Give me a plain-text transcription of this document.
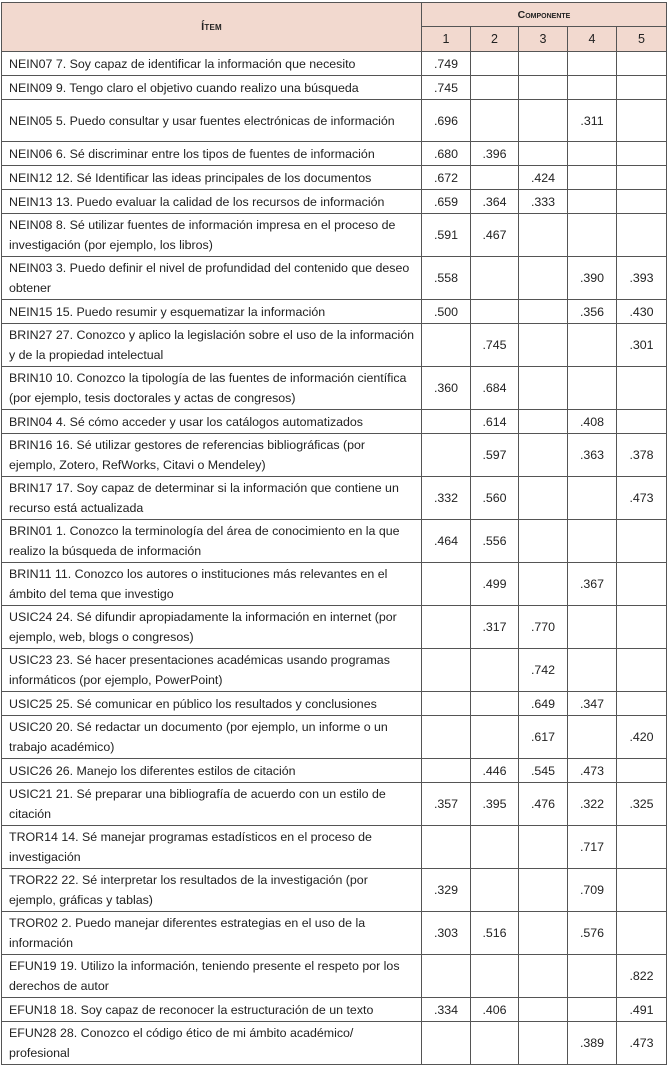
Ítem	Componente				
	1	2	3	4	5
NEIN07 7. Soy capaz de identificar la información que necesito	.749				
NEIN09 9. Tengo claro el objetivo cuando realizo una búsqueda	.745				
NEIN05 5. Puedo consultar y usar fuentes electrónicas de información	.696			.311	
NEIN06 6. Sé discriminar entre los tipos de fuentes de información	.680	.396			
NEIN12 12. Sé Identificar las ideas principales de los documentos	.672		.424		
NEIN13 13. Puedo evaluar la calidad de los recursos de información	.659	.364	.333		
NEIN08 8. Sé utilizar fuentes de información impresa en el proceso de investigación (por ejemplo, los libros)	.591	.467			
NEIN03 3. Puedo definir el nivel de profundidad del contenido que deseo obtener	.558			.390	.393
NEIN15 15. Puedo resumir y esquematizar la información	.500			.356	.430
BRIN27 27. Conozco y aplico la legislación sobre el uso de la información y de la propiedad intelectual		.745			.301
BRIN10 10. Conozco la tipología de las fuentes de información científica (por ejemplo, tesis doctorales y actas de congresos)	.360	.684			
BRIN04 4. Sé cómo acceder y usar los catálogos automatizados		.614		.408	
BRIN16 16. Sé utilizar gestores de referencias bibliográficas (por ejemplo, Zotero, RefWorks, Citavi o Mendeley)		.597		.363	.378
BRIN17 17. Soy capaz de determinar si la información que contiene un recurso está actualizada	.332	.560			.473
BRIN01 1. Conozco la terminología del área de conocimiento en la que realizo la búsqueda de información	.464	.556			
BRIN11 11. Conozco los autores o instituciones más relevantes en el ámbito del tema que investigo		.499		.367	
USIC24 24. Sé difundir apropiadamente la información en internet (por ejemplo, web, blogs o congresos)		.317	.770		
USIC23 23. Sé hacer presentaciones académicas usando programas informáticos (por ejemplo, PowerPoint)			.742		
USIC25 25. Sé comunicar en público los resultados y conclusiones			.649	.347	
USIC20 20. Sé redactar un documento (por ejemplo, un informe o un trabajo académico)			.617		.420
USIC26 26. Manejo los diferentes estilos de citación		.446	.545	.473	
USIC21 21. Sé preparar una bibliografía de acuerdo con un estilo de citación	.357	.395	.476	.322	.325
TROR14 14. Sé manejar programas estadísticos en el proceso de investigación				.717	
TROR22 22. Sé interpretar los resultados de la investigación (por ejemplo, gráficas y tablas)	.329			.709	
TROR02 2. Puedo manejar diferentes estrategias en el uso de la información	.303	.516		.576	
EFUN19 19. Utilizo la información, teniendo presente el respeto por los derechos de autor					.822
EFUN18 18. Soy capaz de reconocer la estructuración de un texto	.334	.406			.491
EFUN28 28. Conozco el código ético de mi ámbito académico/ profesional				.389	.473
